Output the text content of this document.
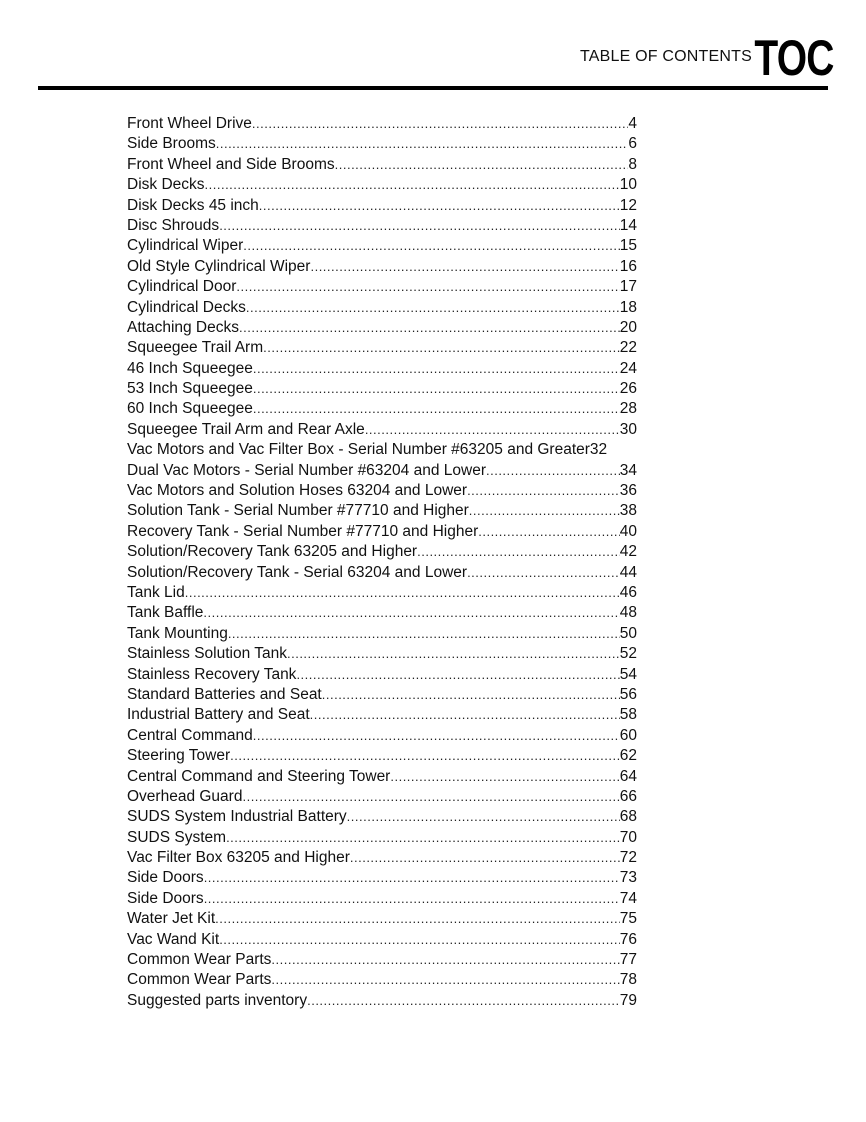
TABLE OF CONTENTS TOC
Front Wheel Drive .....	4
Side Brooms .....	6
Front Wheel and Side Brooms .....	8
Disk Decks .....	10
Disk Decks 45 inch .....	12
Disc Shrouds .....	14
Cylindrical Wiper .....	15
Old Style Cylindrical Wiper .....	16
Cylindrical Door .....	17
Cylindrical Decks .....	18
Attaching Decks .....	20
Squeegee Trail Arm .....	22
46 Inch Squeegee .....	24
53 Inch Squeegee .....	26
60 Inch Squeegee .....	28
Squeegee Trail Arm and Rear Axle .....	30
Vac Motors and Vac Filter Box - Serial Number #63205 and Greater 32
Dual Vac Motors - Serial Number #63204 and Lower .....	34
Vac Motors and Solution Hoses 63204 and Lower .....	36
Solution Tank - Serial Number #77710 and Higher .....	38
Recovery Tank - Serial Number #77710 and Higher .....	40
Solution/Recovery Tank 63205 and Higher .....	42
Solution/Recovery Tank - Serial 63204 and Lower .....	44
Tank Lid .....	46
Tank Baffle .....	48
Tank Mounting .....	50
Stainless Solution Tank .....	52
Stainless Recovery Tank .....	54
Standard Batteries and Seat .....	56
Industrial Battery and Seat .....	58
Central Command .....	60
Steering Tower .....	62
Central Command and Steering Tower .....	64
Overhead Guard .....	66
SUDS System Industrial Battery .....	68
SUDS System .....	70
Vac Filter Box 63205 and Higher .....	72
Side Doors .....	73
Side Doors .....	74
Water Jet Kit .....	75
Vac Wand Kit .....	76
Common Wear Parts .....	77
Common Wear Parts .....	78
Suggested parts inventory .....	79
